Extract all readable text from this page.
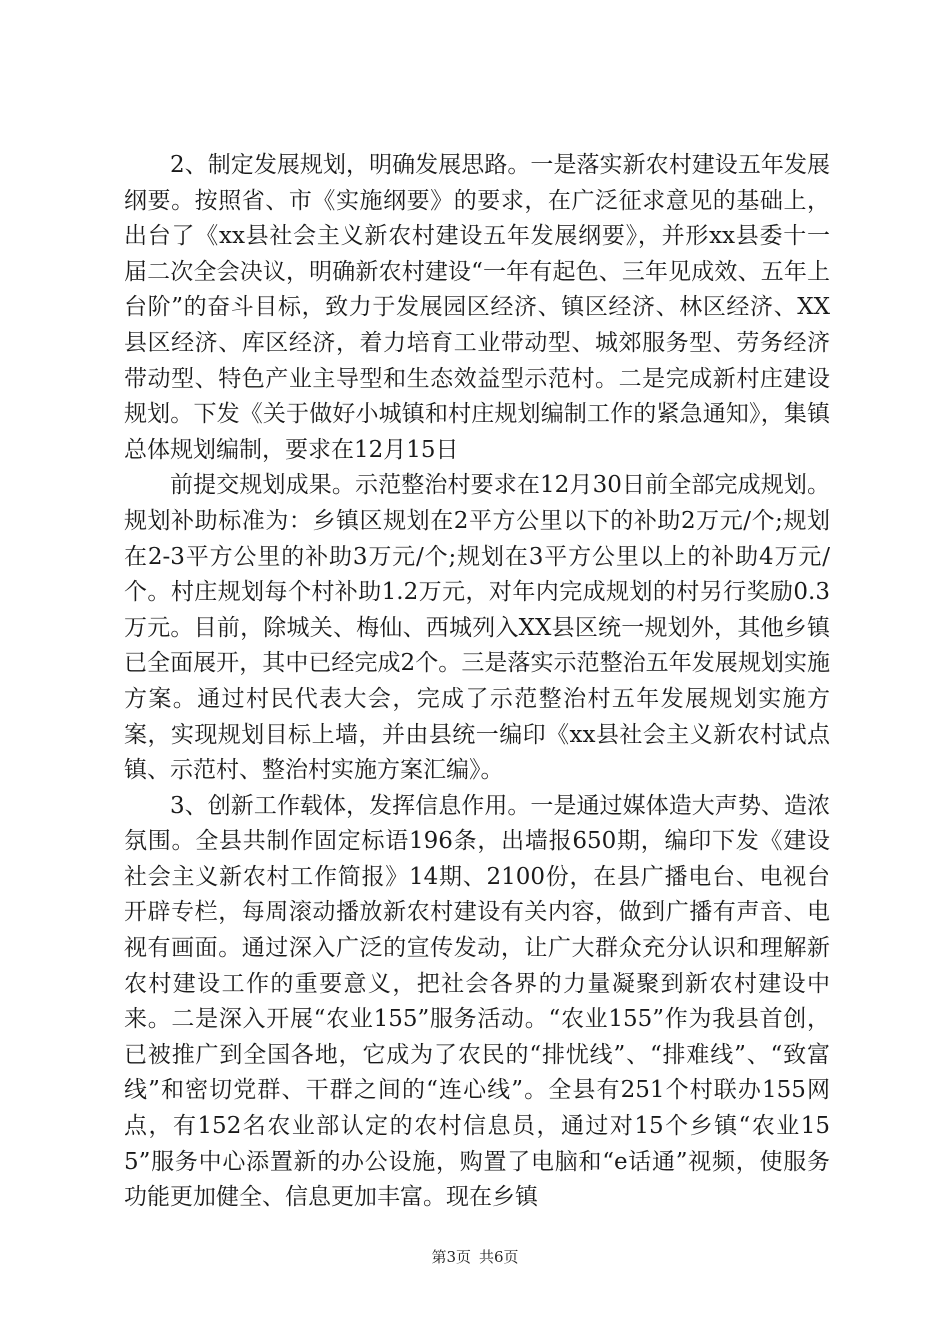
2、制定发展规划，明确发展思路。一是落实新农村建设五年发展纲要。按照省、市《实施纲要》的要求，在广泛征求意见的基础上，出台了《xx县社会主义新农村建设五年发展纲要》，并形xx县委十一届二次全会决议，明确新农村建设“一年有起色、三年见成效、五年上台阶”的奋斗目标，致力于发展园区经济、镇区经济、林区经济、XX县区经济、库区经济，着力培育工业带动型、城郊服务型、劳务经济带动型、特色产业主导型和生态效益型示范村。二是完成新村庄建设规划。下发《关于做好小城镇和村庄规划编制工作的紧急通知》，集镇总体规划编制，要求在12月15日

前提交规划成果。示范整治村要求在12月30日前全部完成规划。规划补助标准为：乡镇区规划在2平方公里以下的补助2万元/个;规划在2-3平方公里的补助3万元/个;规划在3平方公里以上的补助4万元/个。村庄规划每个村补助1.2万元，对年内完成规划的村另行奖励0.3万元。目前，除城关、梅仙、西城列入XX县区统一规划外，其他乡镇已全面展开，其中已经完成2个。三是落实示范整治五年发展规划实施方案。通过村民代表大会，完成了示范整治村五年发展规划实施方案，实现规划目标上墙，并由县统一编印《xx县社会主义新农村试点镇、示范村、整治村实施方案汇编》。

3、创新工作载体，发挥信息作用。一是通过媒体造大声势、造浓氛围。全县共制作固定标语196条，出墙报650期，编印下发《建设社会主义新农村工作简报》14期、2100份，在县广播电台、电视台开辟专栏，每周滚动播放新农村建设有关内容，做到广播有声音、电视有画面。通过深入广泛的宣传发动，让广大群众充分认识和理解新农村建设工作的重要意义，把社会各界的力量凝聚到新农村建设中来。二是深入开展“农业155”服务活动。“农业155”作为我县首创，已被推广到全国各地，它成为了农民的“排忧线”、“排难线”、“致富线”和密切党群、干群之间的“连心线”。全县有251个村联办155网点，有152名农业部认定的农村信息员，通过对15个乡镇“农业155”服务中心添置新的办公设施，购置了电脑和“e话通”视频，使服务功能更加健全、信息更加丰富。现在乡镇

第3页 共6页
